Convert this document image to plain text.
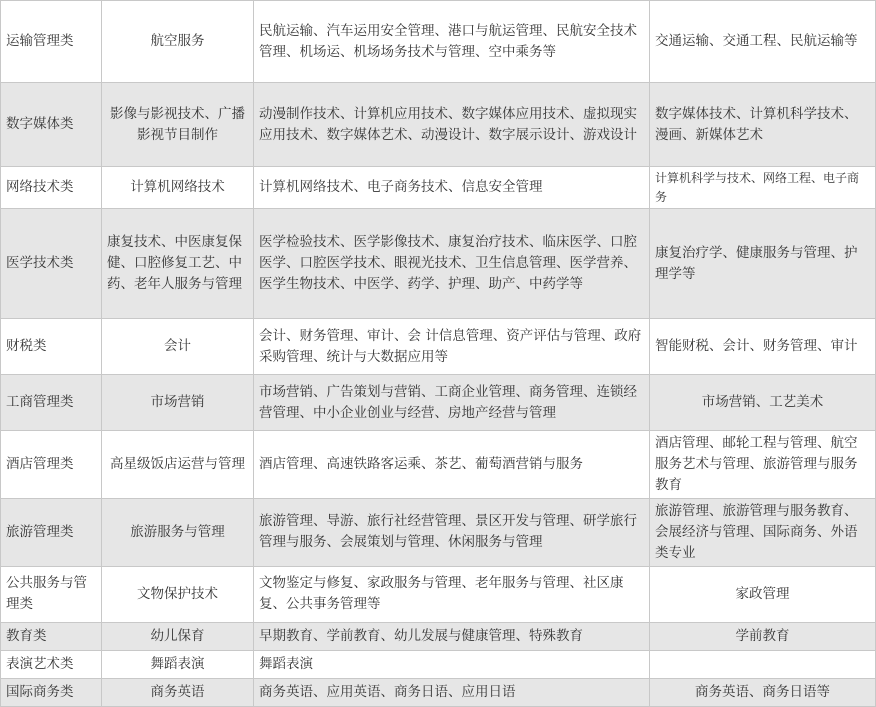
运输管理类	航空服务	民航运输、汽车运用安全管理、港口与航运管理、民航安全技术管理、机场运、机场场务技术与管理、空中乘务等	交通运输、交通工程、民航运输等
数字媒体类	影像与影视技术、广播影视节目制作	动漫制作技术、计算机应用技术、数字媒体应用技术、虚拟现实应用技术、数字媒体艺术、动漫设计、数字展示设计、游戏设计	数字媒体技术、计算机科学技术、漫画、新媒体艺术
网络技术类	计算机网络技术	计算机网络技术、电子商务技术、信息安全管理	计算机科学与技术、网络工程、电子商务
医学技术类	康复技术、中医康复保健、口腔修复工艺、中药、老年人服务与管理	医学检验技术、医学影像技术、康复治疗技术、临床医学、口腔医学、口腔医学技术、眼视光技术、卫生信息管理、医学营养、医学生物技术、中医学、药学、护理、助产、中药学等	康复治疗学、健康服务与管理、护理学等
财税类	会计	会计、财务管理、审计、会 计信息管理、资产评估与管理、政府采购管理、统计与大数据应用等	智能财税、会计、财务管理、审计
工商管理类	市场营销	市场营销、广告策划与营销、工商企业管理、商务管理、连锁经营管理、中小企业创业与经营、房地产经营与管理	市场营销、工艺美术
酒店管理类	高星级饭店运营与管理	酒店管理、高速铁路客运乘、茶艺、葡萄酒营销与服务	酒店管理、邮轮工程与管理、航空服务艺术与管理、旅游管理与服务教育
旅游管理类	旅游服务与管理	旅游管理、导游、旅行社经营管理、景区开发与管理、研学旅行管理与服务、会展策划与管理、休闲服务与管理	旅游管理、旅游管理与服务教育、会展经济与管理、国际商务、外语类专业
公共服务与管理类	文物保护技术	文物鉴定与修复、家政服务与管理、老年服务与管理、社区康复、公共事务管理等	家政管理
教育类	幼儿保育	早期教育、学前教育、幼儿发展与健康管理、特殊教育	学前教育
表演艺术类	舞蹈表演	舞蹈表演	
国际商务类	商务英语	商务英语、应用英语、商务日语、应用日语	商务英语、商务日语等
